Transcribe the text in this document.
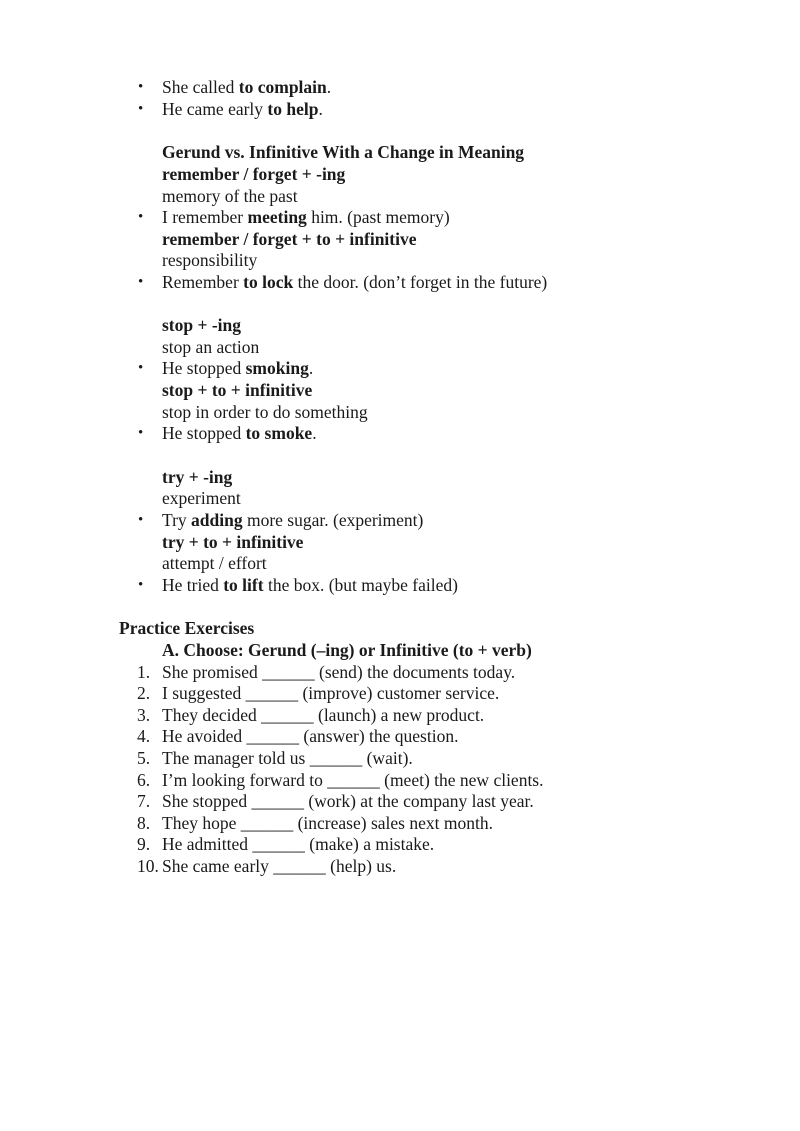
• She called to complain.
• He came early to help.
Gerund vs. Infinitive With a Change in Meaning
remember / forget + -ing
memory of the past
• I remember meeting him. (past memory)
remember / forget + to + infinitive
responsibility
• Remember to lock the door. (don’t forget in the future)
stop + -ing
stop an action
• He stopped smoking.
stop + to + infinitive
stop in order to do something
• He stopped to smoke.
try + -ing
experiment
• Try adding more sugar. (experiment)
try + to + infinitive
attempt / effort
• He tried to lift the box. (but maybe failed)
Practice Exercises
A. Choose: Gerund (–ing) or Infinitive (to + verb)
1. She promised ______ (send) the documents today.
2. I suggested ______ (improve) customer service.
3. They decided ______ (launch) a new product.
4. He avoided ______ (answer) the question.
5. The manager told us ______ (wait).
6. I’m looking forward to ______ (meet) the new clients.
7. She stopped ______ (work) at the company last year.
8. They hope ______ (increase) sales next month.
9. He admitted ______ (make) a mistake.
10. She came early ______ (help) us.
